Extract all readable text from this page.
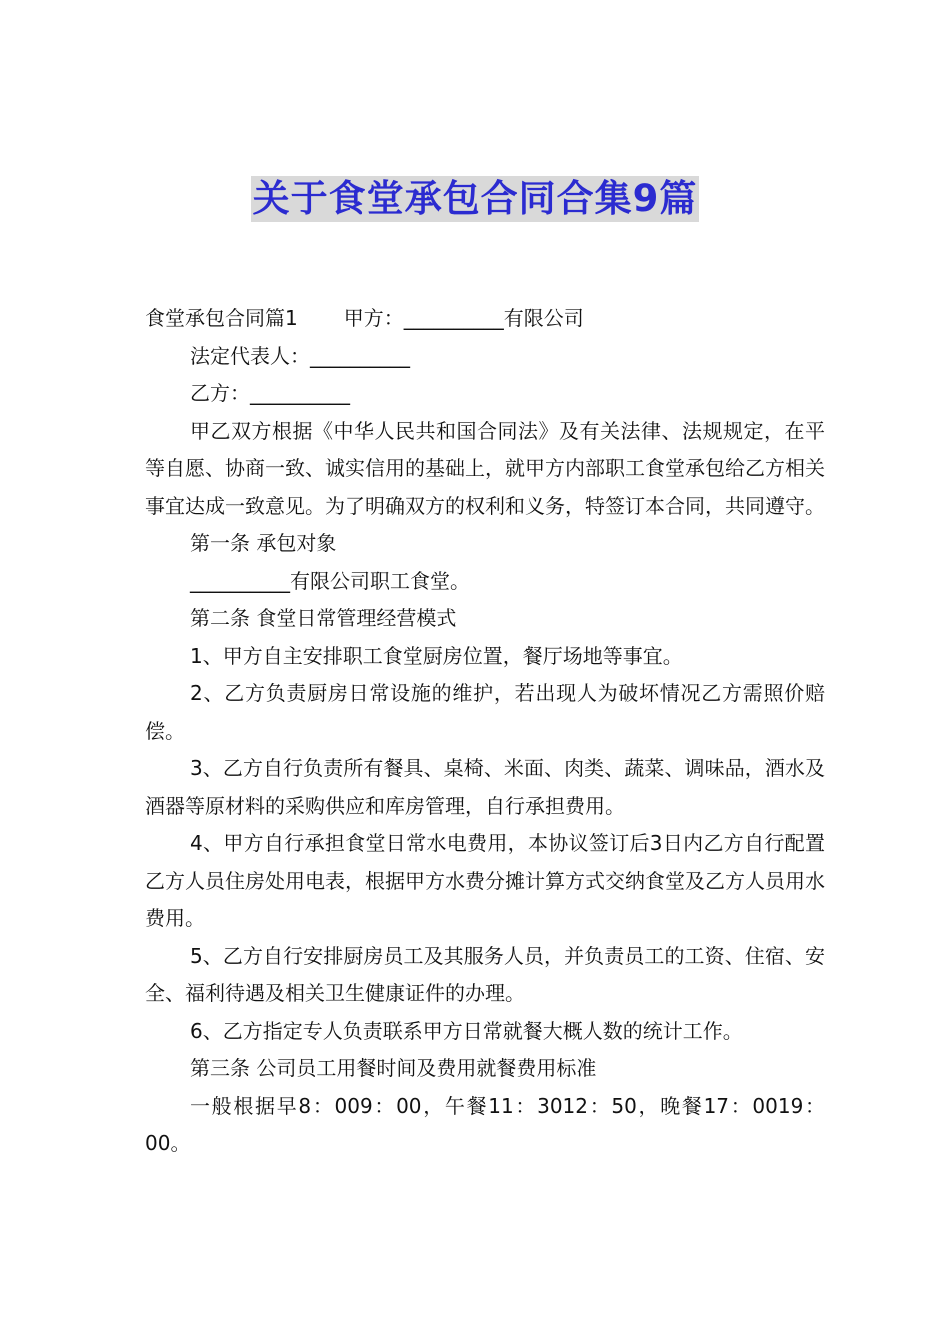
关于食堂承包合同合集9篇

食堂承包合同篇1 甲方：__________有限公司

法定代表人：__________

乙方：__________

甲乙双方根据《中华人民共和国合同法》及有关法律、法规规定，在平等自愿、协商一致、诚实信用的基础上，就甲方内部职工食堂承包给乙方相关事宜达成一致意见。为了明确双方的权利和义务，特签订本合同，共同遵守。

第一条 承包对象

__________有限公司职工食堂。

第二条 食堂日常管理经营模式

1、甲方自主安排职工食堂厨房位置，餐厅场地等事宜。

2、乙方负责厨房日常设施的维护，若出现人为破坏情况乙方需照价赔偿。

3、乙方自行负责所有餐具、桌椅、米面、肉类、蔬菜、调味品，酒水及酒器等原材料的采购供应和库房管理，自行承担费用。

4、甲方自行承担食堂日常水电费用，本协议签订后3日内乙方自行配置乙方人员住房处用电表，根据甲方水费分摊计算方式交纳食堂及乙方人员用水费用。

5、乙方自行安排厨房员工及其服务人员，并负责员工的工资、住宿、安全、福利待遇及相关卫生健康证件的办理。

6、乙方指定专人负责联系甲方日常就餐大概人数的统计工作。

第三条 公司员工用餐时间及费用就餐费用标准

一般根据早8：009：00，午餐11：3012：50，晚餐17：0019：00。
